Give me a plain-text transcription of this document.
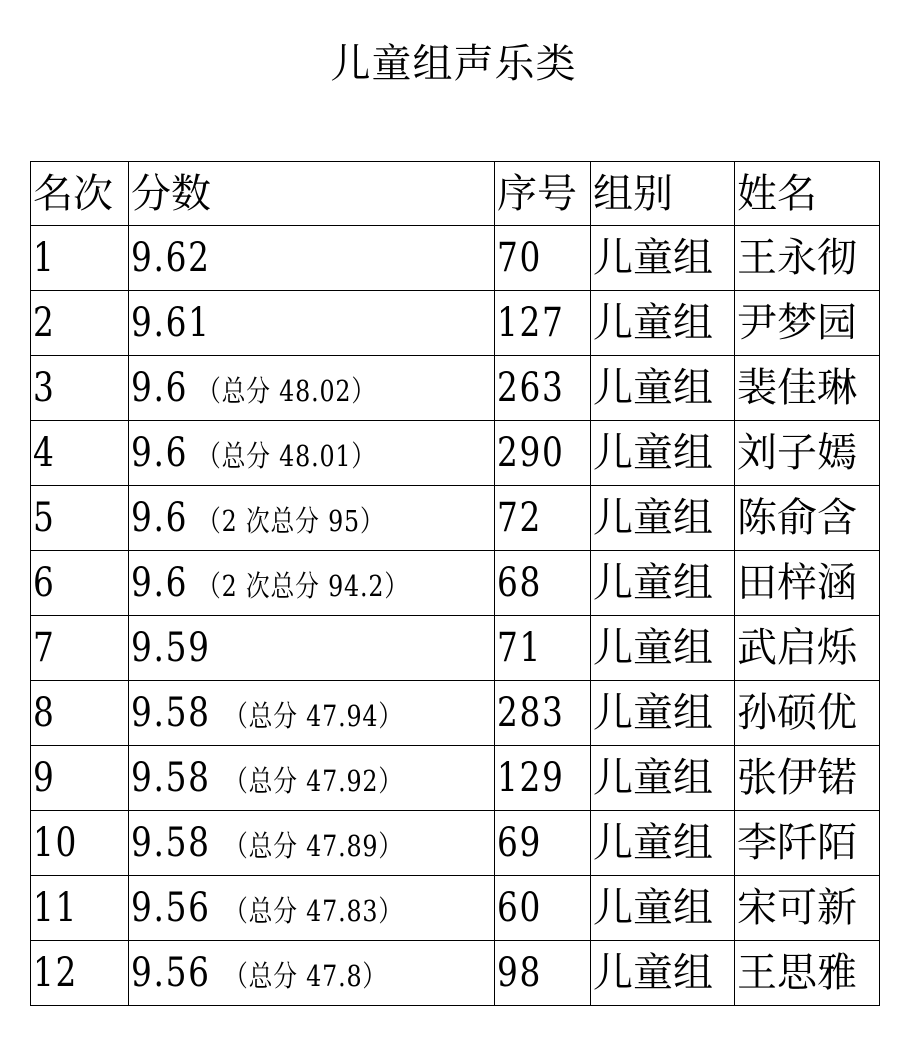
儿童组声乐类
名次	分数	序号	组别	姓名
1	9.62	70	儿童组	王永彻
2	9.61	127	儿童组	尹梦园
3	9.6 （总分 48.02）	263	儿童组	裴佳琳
4	9.6 （总分 48.01）	290	儿童组	刘子嫣
5	9.6 （2 次总分 95）	72	儿童组	陈俞含
6	9.6 （2 次总分 94.2）	68	儿童组	田梓涵
7	9.59	71	儿童组	武启烁
8	9.58 （总分 47.94）	283	儿童组	孙硕优
9	9.58 （总分 47.92）	129	儿童组	张伊锘
10	9.58 （总分 47.89）	69	儿童组	李阡陌
11	9.56 （总分 47.83）	60	儿童组	宋可新
12	9.56 （总分 47.8）	98	儿童组	王思雅
